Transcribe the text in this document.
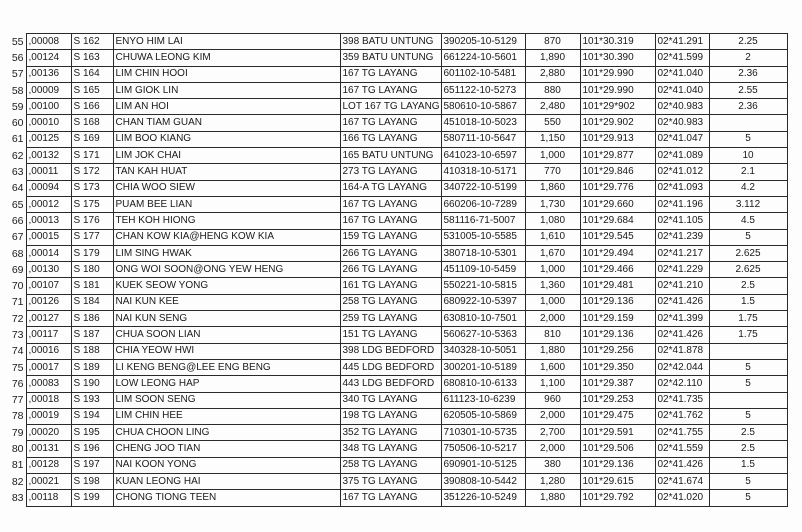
55	,00008	S 162	ENYO HIM LAI	398 BATU UNTUNG	390205-10-5129	870	101*30.319	02*41.291	2.25
56	,00124	S 163	CHUWA LEONG KIM	359 BATU UNTUNG	661224-10-5601	1,890	101*30.390	02*41.599	2
57	,00136	S 164	LIM CHIN HOOI	167 TG LAYANG	601102-10-5481	2,880	101*29.990	02*41.040	2.36
58	,00009	S 165	LIM GIOK LIN	167 TG LAYANG	651122-10-5273	880	101*29.990	02*41.040	2.55
59	,00100	S 166	LIM AN HOI	LOT 167 TG LAYANG	580610-10-5867	2,480	101*29*902	02*40.983	2.36
60	,00010	S 168	CHAN TIAM GUAN	167 TG LAYANG	451018-10-5023	550	101*29.902	02*40.983	
61	,00125	S 169	LIM BOO KIANG	166 TG LAYANG	580711-10-5647	1,150	101*29.913	02*41.047	5
62	,00132	S 171	LIM JOK CHAI	165 BATU UNTUNG	641023-10-6597	1,000	101*29.877	02*41.089	10
63	,00011	S 172	TAN KAH HUAT	273 TG LAYANG	410318-10-5171	770	101*29.846	02*41.012	2.1
64	,00094	S 173	CHIA WOO SIEW	164-A TG LAYANG	340722-10-5199	1,860	101*29.776	02*41.093	4.2
65	,00012	S 175	PUAM BEE LIAN	167 TG LAYANG	660206-10-7289	1,730	101*29.660	02*41.196	3.112
66	,00013	S 176	TEH KOH HIONG	167 TG LAYANG	581116-71-5007	1,080	101*29.684	02*41.105	4.5
67	,00015	S 177	CHAN KOW KIA@HENG KOW KIA	159 TG LAYANG	531005-10-5585	1,610	101*29.545	02*41.239	5
68	,00014	S 179	LIM SING HWAK	266 TG LAYANG	380718-10-5301	1,670	101*29.494	02*41.217	2.625
69	,00130	S 180	ONG WOI SOON@ONG YEW HENG	266 TG LAYANG	451109-10-5459	1,000	101*29.466	02*41.229	2.625
70	,00107	S 181	KUEK SEOW YONG	161 TG LAYANG	550221-10-5815	1,360	101*29.481	02*41.210	2.5
71	,00126	S 184	NAI KUN KEE	258 TG LAYANG	680922-10-5397	1,000	101*29.136	02*41.426	1.5
72	,00127	S 186	NAI KUN SENG	259 TG LAYANG	630810-10-7501	2,000	101*29.159	02*41.399	1.75
73	,00117	S 187	CHUA SOON LIAN	151 TG LAYANG	560627-10-5363	810	101*29.136	02*41.426	1.75
74	,00016	S 188	CHIA YEOW HWI	398 LDG BEDFORD	340328-10-5051	1,880	101*29.256	02*41.878	
75	,00017	S 189	LI KENG BENG@LEE ENG BENG	445 LDG BEDFORD	300201-10-5189	1,600	101*29.350	02*42.044	5
76	,00083	S 190	LOW LEONG HAP	443 LDG BEDFORD	680810-10-6133	1,100	101*29.387	02*42.110	5
77	,00018	S 193	LIM SOON SENG	340 TG LAYANG	611123-10-6239	960	101*29.253	02*41.735	
78	,00019	S 194	LIM CHIN HEE	198 TG LAYANG	620505-10-5869	2,000	101*29.475	02*41.762	5
79	,00020	S 195	CHUA CHOON LING	352 TG LAYANG	710301-10-5735	2,700	101*29.591	02*41.755	2.5
80	,00131	S 196	CHENG JOO TIAN	348 TG LAYANG	750506-10-5217	2,000	101*29.506	02*41.559	2.5
81	,00128	S 197	NAI KOON YONG	258 TG LAYANG	690901-10-5125	380	101*29.136	02*41.426	1.5
82	,00021	S 198	KUAN LEONG HAI	375 TG LAYANG	390808-10-5442	1,280	101*29.615	02*41.674	5
83	,00118	S 199	CHONG TIONG TEEN	167 TG LAYANG	351226-10-5249	1,880	101*29.792	02*41.020	5
